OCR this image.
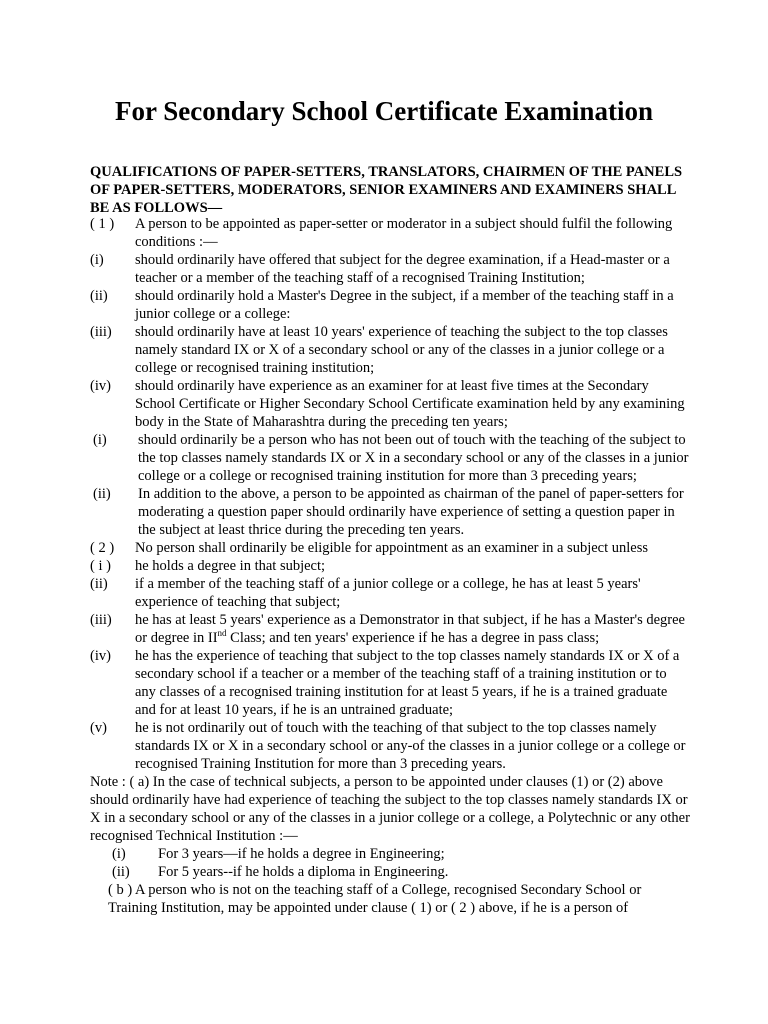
For Secondary School Certificate Examination

QUALIFICATIONS OF PAPER-SETTERS, TRANSLATORS, CHAIRMEN OF THE PANELS OF PAPER-SETTERS, MODERATORS, SENIOR EXAMINERS AND EXAMINERS SHALL BE AS FOLLOWS—

( 1 )	A person to be appointed as paper-setter or moderator in a subject should fulfil the following conditions :—
(i)	should ordinarily have offered that subject for the degree examination, if a Head-master or a teacher or a member of the teaching staff of a recognised Training Institution;
(ii)	should ordinarily hold a Master's Degree in the subject, if a member of the teaching staff in a junior college or a college:
(iii)	should ordinarily have at least 10 years' experience of teaching the subject to the top classes namely standard IX or X of a secondary school or any of the classes in a junior college or a college or recognised training institution;
(iv)	should ordinarily have experience as an examiner for at least five times at the Secondary School Certificate or Higher Secondary School Certificate examination held by any examining body in the State of Maharashtra during the preceding ten years;
(i)	should ordinarily be a person who has not been out of touch with the teaching of the subject to the top classes namely standards IX or X in a secondary school or any of the classes in a junior college or a college or recognised training institution for more than 3 preceding years;
(ii)	In addition to the above, a person to be appointed as chairman of the panel of paper-setters for moderating a question paper should ordinarily have experience of setting a question paper in the subject at least thrice during the preceding ten years.
( 2 )	No person shall ordinarily be eligible for appointment as an examiner in a subject unless
( i )	he holds a degree in that subject;
(ii)	if a member of the teaching staff of a junior college or a college, he has at least 5 years' experience of teaching that subject;
(iii)	he has at least 5 years' experience as a Demonstrator in that subject, if he has a Master's degree or degree in IInd Class; and ten years' experience if he has a degree in pass class;
(iv)	he has the experience of teaching that subject to the top classes namely standards IX or X of a secondary school if a teacher or a member of the teaching staff of a training institution or to any classes of a recognised training institution for at least 5 years, if he is a trained graduate and for at least 10 years, if he is an untrained graduate;
(v)	he is not ordinarily out of touch with the teaching of that subject to the top classes namely standards IX or X in a secondary school or any-of the classes in a junior college or a college or recognised Training Institution for more than 3 preceding years.

Note : ( a) In the case of technical subjects, a person to be appointed under clauses (1) or (2) above should ordinarily have had experience of teaching the subject to the top classes namely standards IX or X in a secondary school or any of the classes in a junior college or a college, a Polytechnic or any other recognised Technical Institution :—

(i)	For 3 years—if he holds a degree in Engineering;
(ii)	For 5 years--if he holds a diploma in Engineering.

( b ) A person who is not on the teaching staff of a College, recognised Secondary School or Training Institution, may be appointed under clause ( 1) or ( 2 ) above, if he is a person of
